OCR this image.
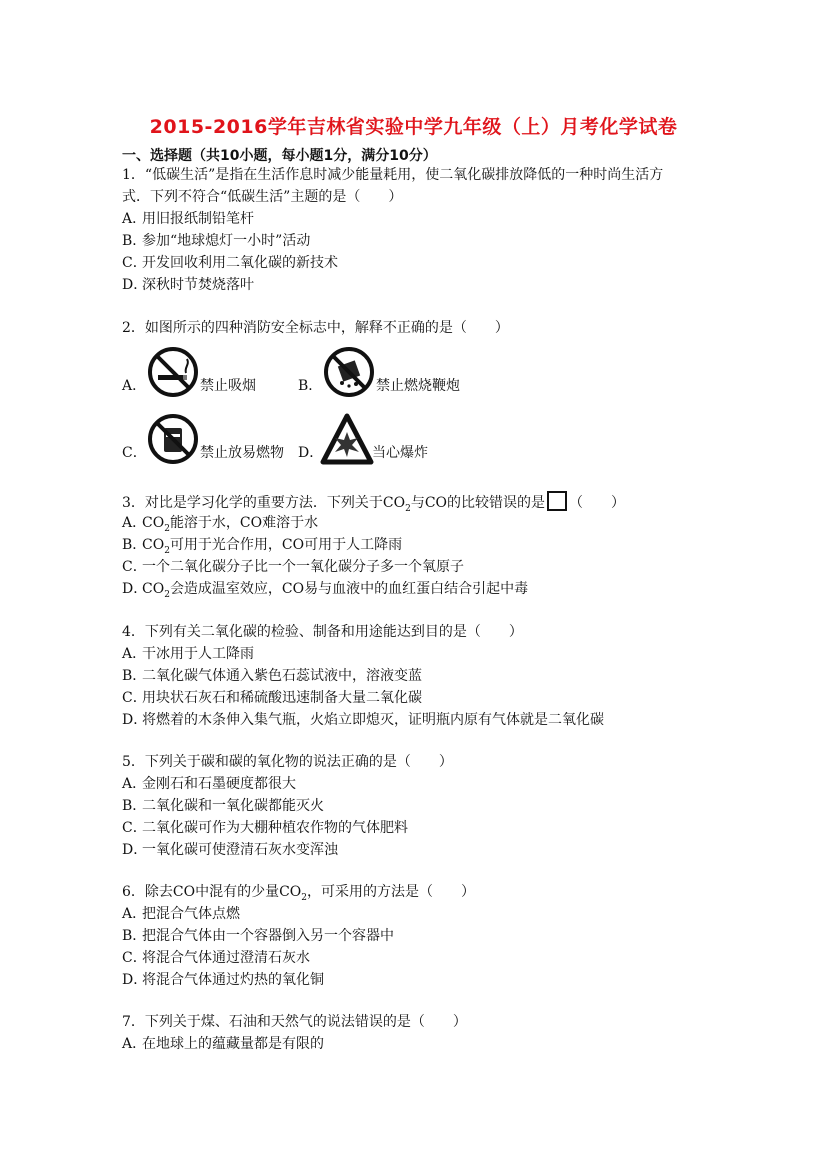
2015-2016学年吉林省实验中学九年级（上）月考化学试卷
一、选择题（共10小题，每小题1分，满分10分）
1．“低碳生活”是指在生活作息时减少能量耗用，使二氧化碳排放降低的一种时尚生活方
式．下列不符合“低碳生活”主题的是（　　）
A．用旧报纸制铅笔杆
B．参加“地球熄灯一小时”活动
C．开发回收利用二氧化碳的新技术
D．深秋时节焚烧落叶
2．如图所示的四种消防安全标志中，解释不正确的是（　　）
A．	禁止吸烟	B．	禁止燃烧鞭炮
C．	禁止放易燃物 D．	当心爆炸
3．对比是学习化学的重要方法．下列关于$CO_2$与CO的比较错误的是 （　　）
A．$CO_2$能溶于水，CO难溶于水
B．$CO_2$可用于光合作用，CO可用于人工降雨
C．一个二氧化碳分子比一个一氧化碳分子多一个氧原子
D．$CO_2$会造成温室效应，CO易与血液中的血红蛋白结合引起中毒
4．下列有关二氧化碳的检验、制备和用途能达到目的是（　　）
A．干冰用于人工降雨
B．二氧化碳气体通入紫色石蕊试液中，溶液变蓝
C．用块状石灰石和稀硫酸迅速制备大量二氧化碳
D．将燃着的木条伸入集气瓶，火焰立即熄灭，证明瓶内原有气体就是二氧化碳
5．下列关于碳和碳的氧化物的说法正确的是（　　）
A．金刚石和石墨硬度都很大
B．二氧化碳和一氧化碳都能灭火
C．二氧化碳可作为大棚种植农作物的气体肥料
D．一氧化碳可使澄清石灰水变浑浊
6．除去CO中混有的少量$CO_2$，可采用的方法是（　　）
A．把混合气体点燃
B．把混合气体由一个容器倒入另一个容器中
C．将混合气体通过澄清石灰水
D．将混合气体通过灼热的氧化铜
7．下列关于煤、石油和天然气的说法错误的是（　　）
A．在地球上的蕴藏量都是有限的
